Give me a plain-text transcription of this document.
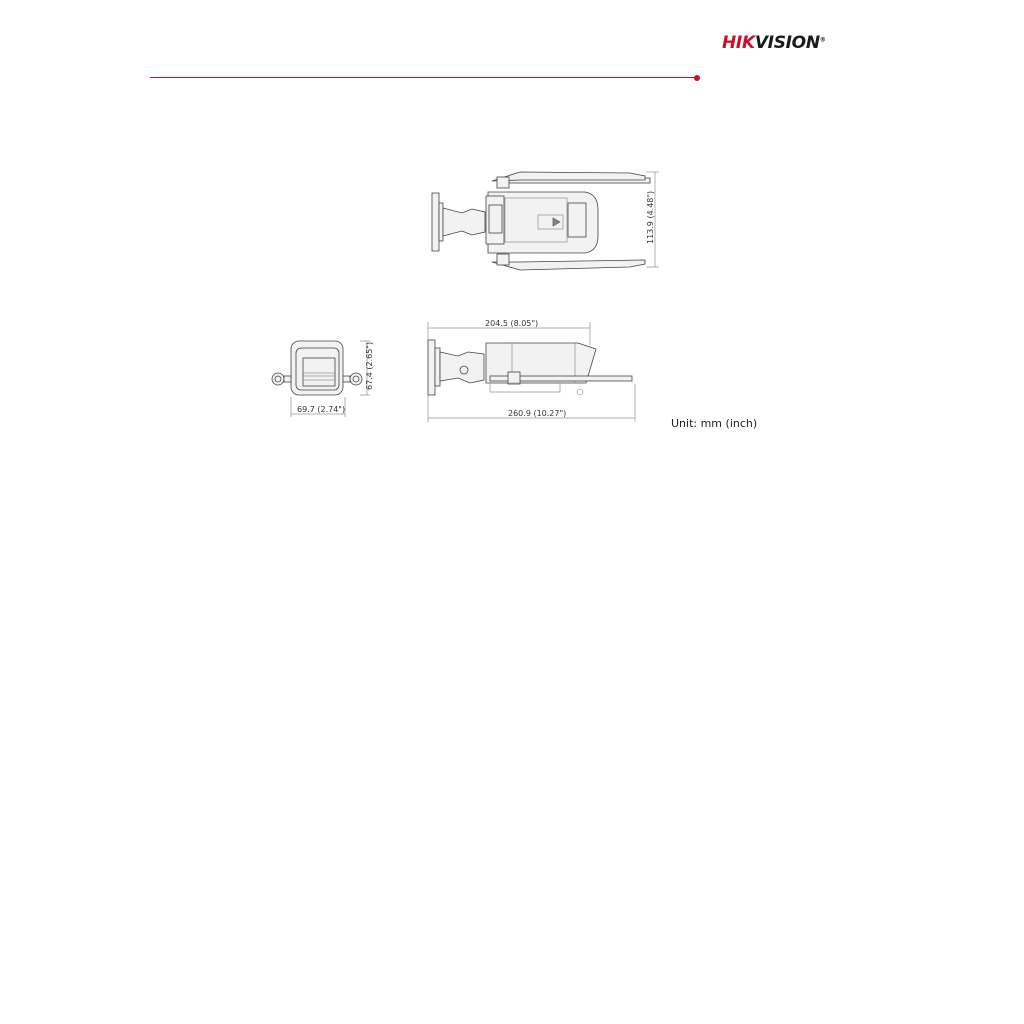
HIKVISION®
113.9 (4.48")
67.4 (2.65")
69.7 (2.74")
204.5 (8.05")
260.9 (10.27")
Unit: mm (inch)
